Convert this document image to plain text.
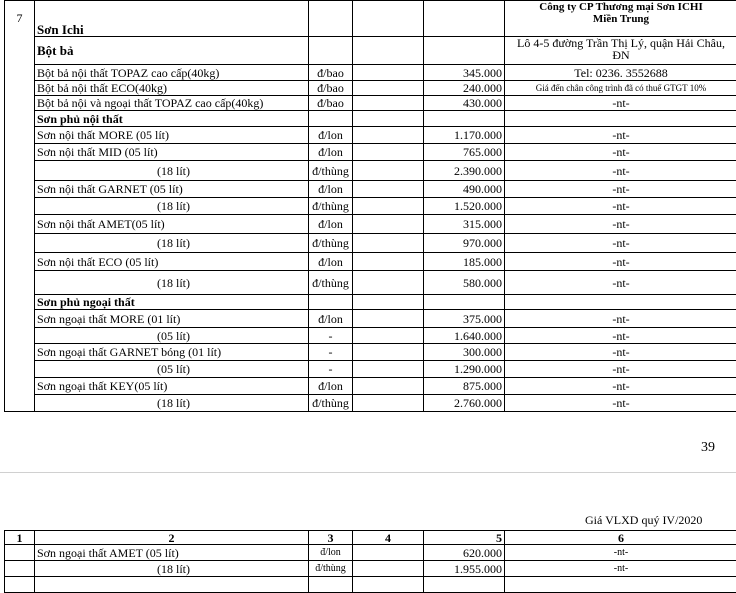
7	Sơn Ichi				Công ty CP Thương mại Sơn ICHI
Miền Trung

	Bột bả				Lô 4-5 đường Trần Thị Lý, quận Hải Châu, ĐN
	Bột bả nội thất TOPAZ cao cấp(40kg)	đ/bao		345.000	Tel: 0236. 3552688
	Bột bả nội thất ECO(40kg)	đ/bao		240.000	Giá đến chân công trình đã có thuế GTGT 10%
	Bột bả nội và ngoại thất TOPAZ cao cấp(40kg)	đ/bao		430.000	-nt-
	Sơn phủ nội thất				
	Sơn nội thất MORE (05 lít)	đ/lon		1.170.000	-nt-
	Sơn nội thất MID (05 lít)	đ/lon		765.000	-nt-
	(18 lít)	đ/thùng		2.390.000	-nt-
	Sơn nội thất GARNET (05 lít)	đ/lon		490.000	-nt-
	(18 lít)	đ/thùng		1.520.000	-nt-
	Sơn nội thất AMET(05 lít)	đ/lon		315.000	-nt-
	(18 lít)	đ/thùng		970.000	-nt-
	Sơn nội thất ECO (05 lít)	đ/lon		185.000	-nt-
	(18 lít)	đ/thùng		580.000	-nt-
	Sơn phủ ngoại thất				
	Sơn ngoại thất MORE (01 lít)	đ/lon		375.000	-nt-
	(05 lít)	-		1.640.000	-nt-
	Sơn ngoại thất GARNET bóng (01 lít)	-		300.000	-nt-
	(05 lít)	-		1.290.000	-nt-
	Sơn ngoại thất KEY(05 lít)	đ/lon		875.000	-nt-
	(18 lít)	đ/thùng		2.760.000	-nt-
39
Giá VLXD quý IV/2020
1	2	3	4	5	6
	Sơn ngoại thất AMET (05 lít)	đ/lon		620.000	-nt-
	(18 lít)	đ/thùng		1.955.000	-nt-
